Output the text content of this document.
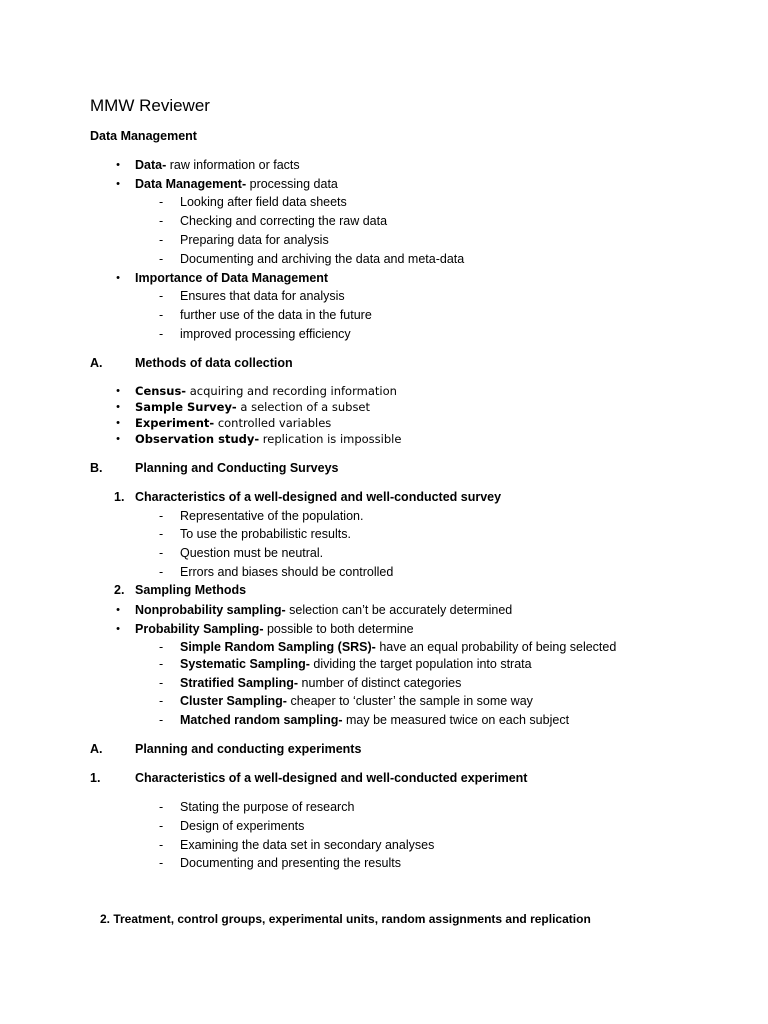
MMW Reviewer
Data Management
• Data- raw information or facts
• Data Management- processing data
- Looking after field data sheets
- Checking and correcting the raw data
- Preparing data for analysis
- Documenting and archiving the data and meta-data
• Importance of Data Management
- Ensures that data for analysis
- further use of the data in the future
- improved processing efficiency
A.	Methods of data collection
• Census- acquiring and recording information
• Sample Survey- a selection of a subset
• Experiment- controlled variables
• Observation study- replication is impossible
B.	Planning and Conducting Surveys
1. Characteristics of a well-designed and well-conducted survey
- Representative of the population.
- To use the probabilistic results.
- Question must be neutral.
- Errors and biases should be controlled
2. Sampling Methods
• Nonprobability sampling- selection can’t be accurately determined
• Probability Sampling- possible to both determine
- Simple Random Sampling (SRS)- have an equal probability of being selected
- Systematic Sampling- dividing the target population into strata
- Stratified Sampling- number of distinct categories
- Cluster Sampling- cheaper to ‘cluster’ the sample in some way
- Matched random sampling- may be measured twice on each subject
A.	Planning and conducting experiments
1.	Characteristics of a well-designed and well-conducted experiment
- Stating the purpose of research
- Design of experiments
- Examining the data set in secondary analyses
- Documenting and presenting the results
2. Treatment, control groups, experimental units, random assignments and replication
